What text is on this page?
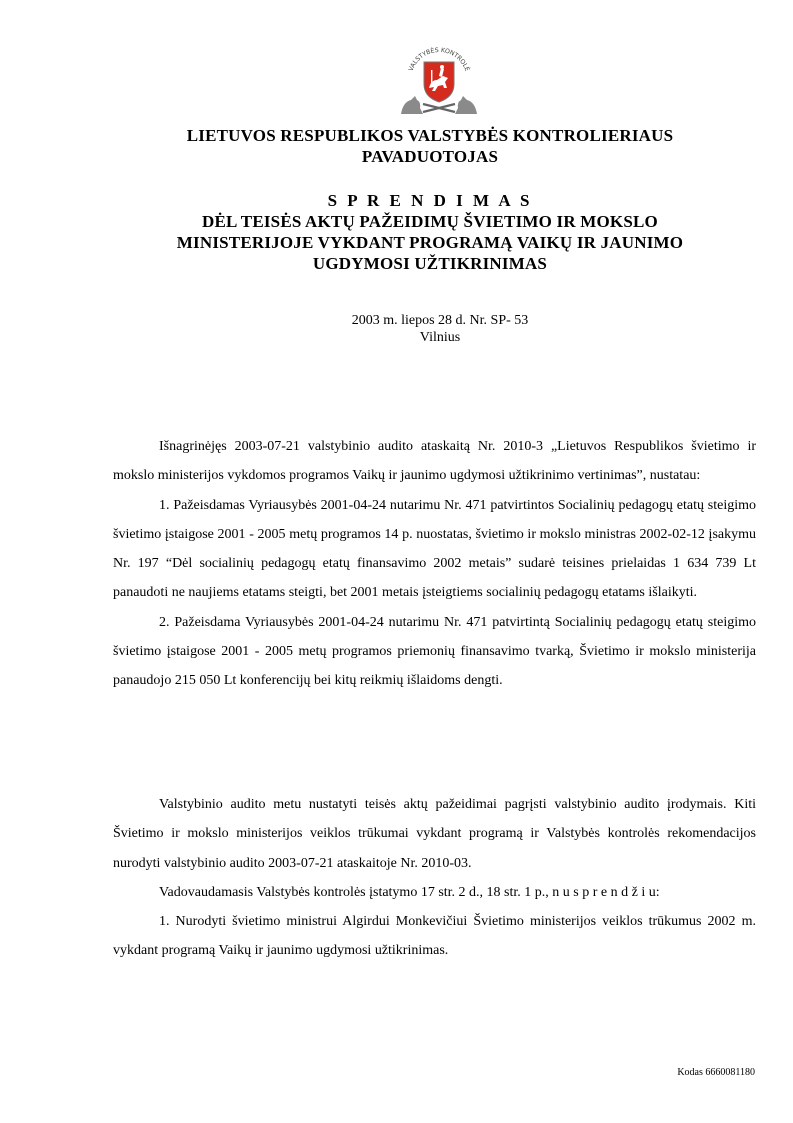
VALSTYBĖS KONTROLĖ
LIETUVOS RESPUBLIKOS VALSTYBĖS KONTROLIERIAUS
PAVADUOTOJAS
S P R E N D I M A S
DĖL TEISĖS AKTŲ PAŽEIDIMŲ ŠVIETIMO IR MOKSLO
MINISTERIJOJE VYKDANT PROGRAMĄ VAIKŲ IR JAUNIMO
UGDYMOSI UŽTIKRINIMAS
2003 m. liepos 28 d. Nr. SP- 53
Vilnius

Išnagrinėjęs 2003-07-21 valstybinio audito ataskaitą Nr. 2010-3 „Lietuvos Respublikos švietimo ir mokslo ministerijos vykdomos programos Vaikų ir jaunimo ugdymosi užtikrinimo vertinimas”, nustatau:

1. Pažeisdamas Vyriausybės 2001-04-24 nutarimu Nr. 471 patvirtintos Socialinių pedagogų etatų steigimo švietimo įstaigose 2001 - 2005 metų programos 14 p. nuostatas, švietimo ir mokslo ministras 2002-02-12 įsakymu Nr. 197 “Dėl socialinių pedagogų etatų finansavimo 2002 metais” sudarė teisines prielaidas 1 634 739 Lt panaudoti ne naujiems etatams steigti, bet 2001 metais įsteigtiems socialinių pedagogų etatams išlaikyti.

2. Pažeisdama Vyriausybės 2001-04-24 nutarimu Nr. 471 patvirtintą Socialinių pedagogų etatų steigimo švietimo įstaigose 2001 - 2005 metų programos priemonių finansavimo tvarką, Švietimo ir mokslo ministerija panaudojo 215 050 Lt konferencijų bei kitų reikmių išlaidoms dengti.

Valstybinio audito metu nustatyti teisės aktų pažeidimai pagrįsti valstybinio audito įrodymais. Kiti Švietimo ir mokslo ministerijos veiklos trūkumai vykdant programą ir Valstybės kontrolės rekomendacijos nurodyti valstybinio audito 2003-07-21 ataskaitoje Nr. 2010-03.

Vadovaudamasis Valstybės kontrolės įstatymo 17 str. 2 d., 18 str. 1 p., n u s p r e n d ž i u:

1. Nurodyti švietimo ministrui Algirdui Monkevičiui Švietimo ministerijos veiklos trūkumus 2002 m. vykdant programą Vaikų ir jaunimo ugdymosi užtikrinimas.

Kodas 6660081180
